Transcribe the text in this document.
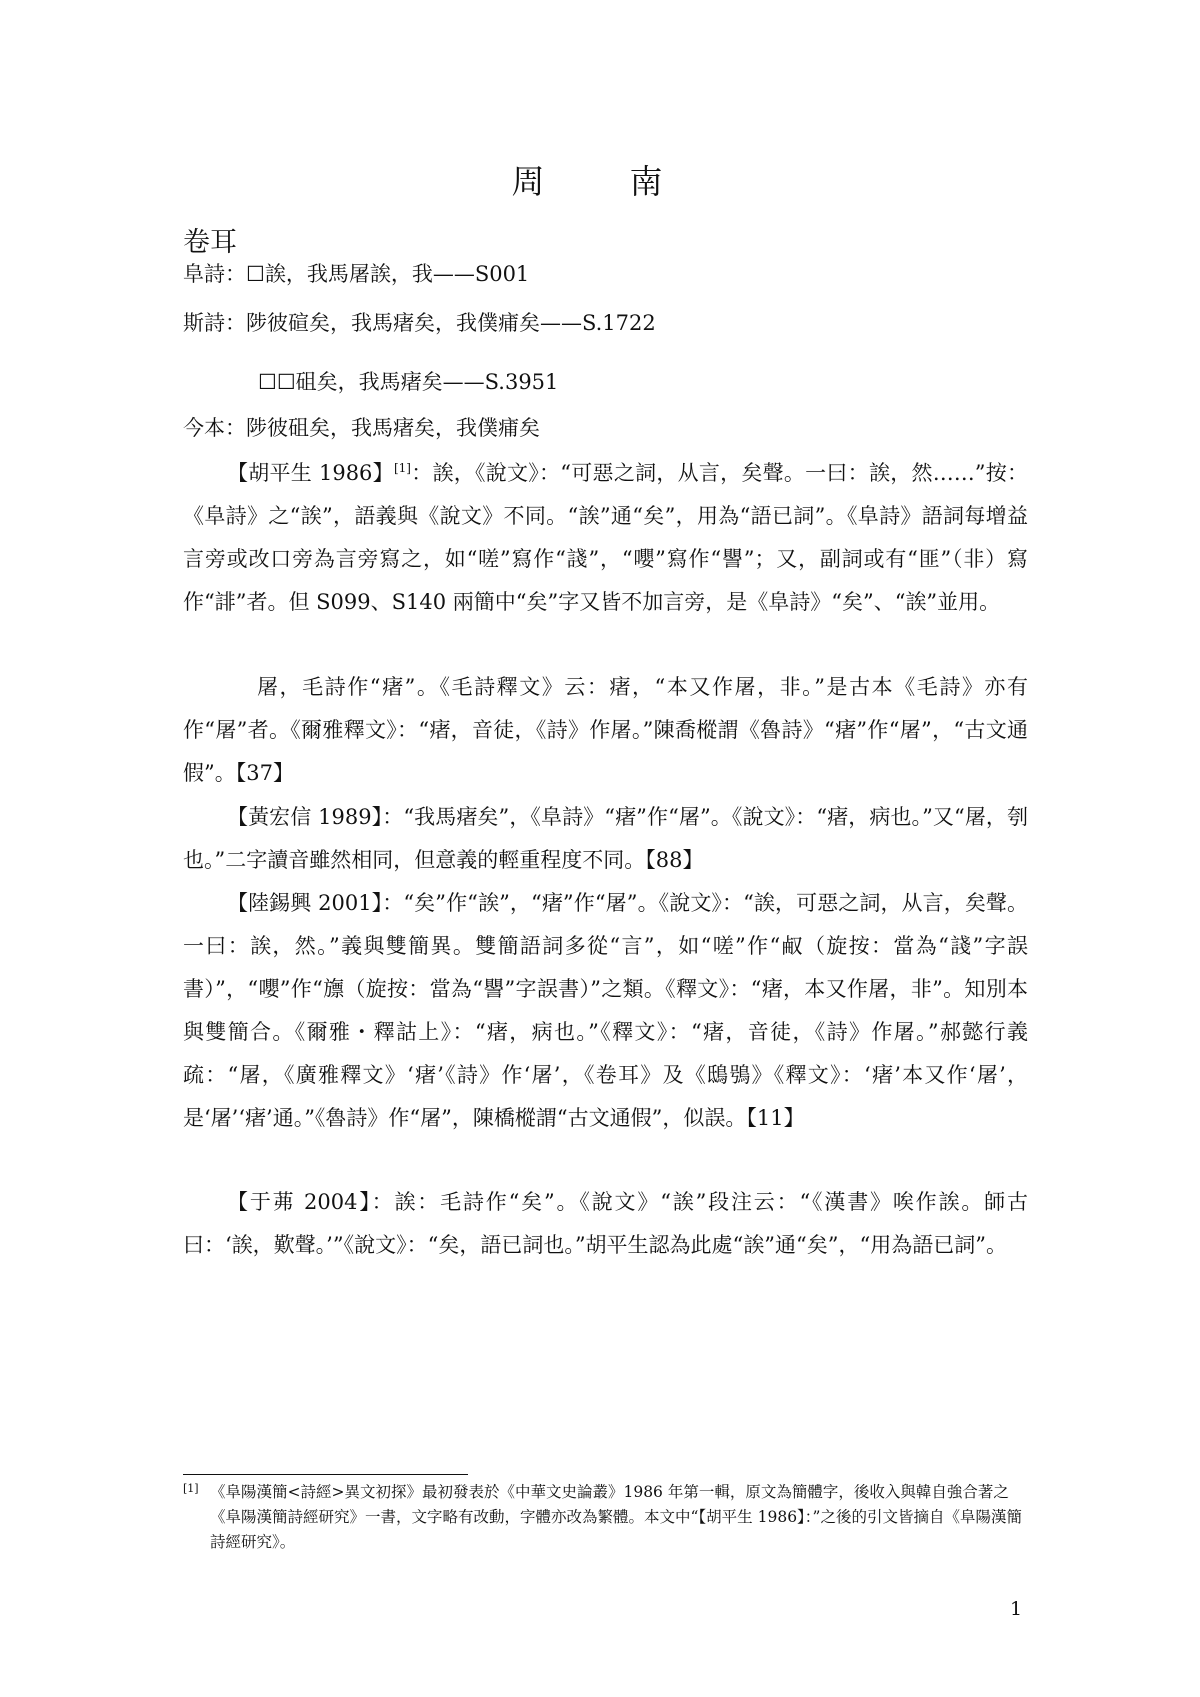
周　南
卷耳
阜詩：☐誒，我馬屠誒，我——S001
斯詩：陟彼碹矣，我馬瘏矣，我僕痡矣——S.1722
☐☐砠矣，我馬瘏矣——S.3951
今本：陟彼砠矣，我馬瘏矣，我僕痡矣

【胡平生 1986】[1]：誒，《說文》：“可惡之詞，从言，矣聲。一曰：誒，然……”按：《阜詩》之“誒”，語義與《說文》不同。“誒”通“矣”，用為“語已詞”。《阜詩》語詞每增益言旁或改口旁為言旁寫之，如“嗟”寫作“諓”，“嚶”寫作“譻”；又，副詞或有“匪”（非）寫作“誹”者。但 S099、S140 兩簡中“矣”字又皆不加言旁，是《阜詩》“矣”、“誒”並用。

屠，毛詩作“瘏”。《毛詩釋文》云：瘏，“本又作屠，非。”是古本《毛詩》亦有作“屠”者。《爾雅釋文》：“瘏，音徒，《詩》作屠。”陳喬樅謂《魯詩》“瘏”作“屠”，“古文通假”。【37】

【黃宏信 1989】：“我馬瘏矣”，《阜詩》“瘏”作“屠”。《說文》：“瘏，病也。”又“屠，刳也。”二字讀音雖然相同，但意義的輕重程度不同。【88】

【陸錫興 2001】：“矣”作“誒”，“瘏”作“屠”。《說文》：“誒，可惡之詞，从言，矣聲。一曰：誒，然。”義與雙簡異。雙簡語詞多從“言”，如“嗟”作“㕟（旋按：當為“諓”字誤書）”，“嚶”作“旚（旋按：當為“譻”字誤書）”之類。《釋文》：“瘏，本又作屠，非”。知別本與雙簡合。《爾雅・釋詁上》：“瘏，病也。”《釋文》：“瘏，音徒，《詩》作屠。”郝懿行義疏：“屠，《廣雅釋文》‘瘏’《詩》作‘屠’，《卷耳》及《鴟鴞》《釋文》：‘瘏’本又作‘屠’，是‘屠’‘瘏’通。”《魯詩》作“屠”，陳橋樅謂“古文通假”，似誤。【11】

【于茀 2004】：誒：毛詩作“矣”。《說文》“誒”段注云：“《漢書》唉作誒。師古曰：‘誒，歎聲。’”《說文》：“矣，語已詞也。”胡平生認為此處“誒”通“矣”，“用為語已詞”。

[1] 《阜陽漢簡<詩經>異文初探》最初發表於《中華文史論叢》1986 年第一輯，原文為簡體字，後收入與韓自強合著之《阜陽漢簡詩經研究》一書，文字略有改動，字體亦改為繁體。本文中“【胡平生 1986】：”之後的引文皆摘自《阜陽漢簡詩經研究》。

1
